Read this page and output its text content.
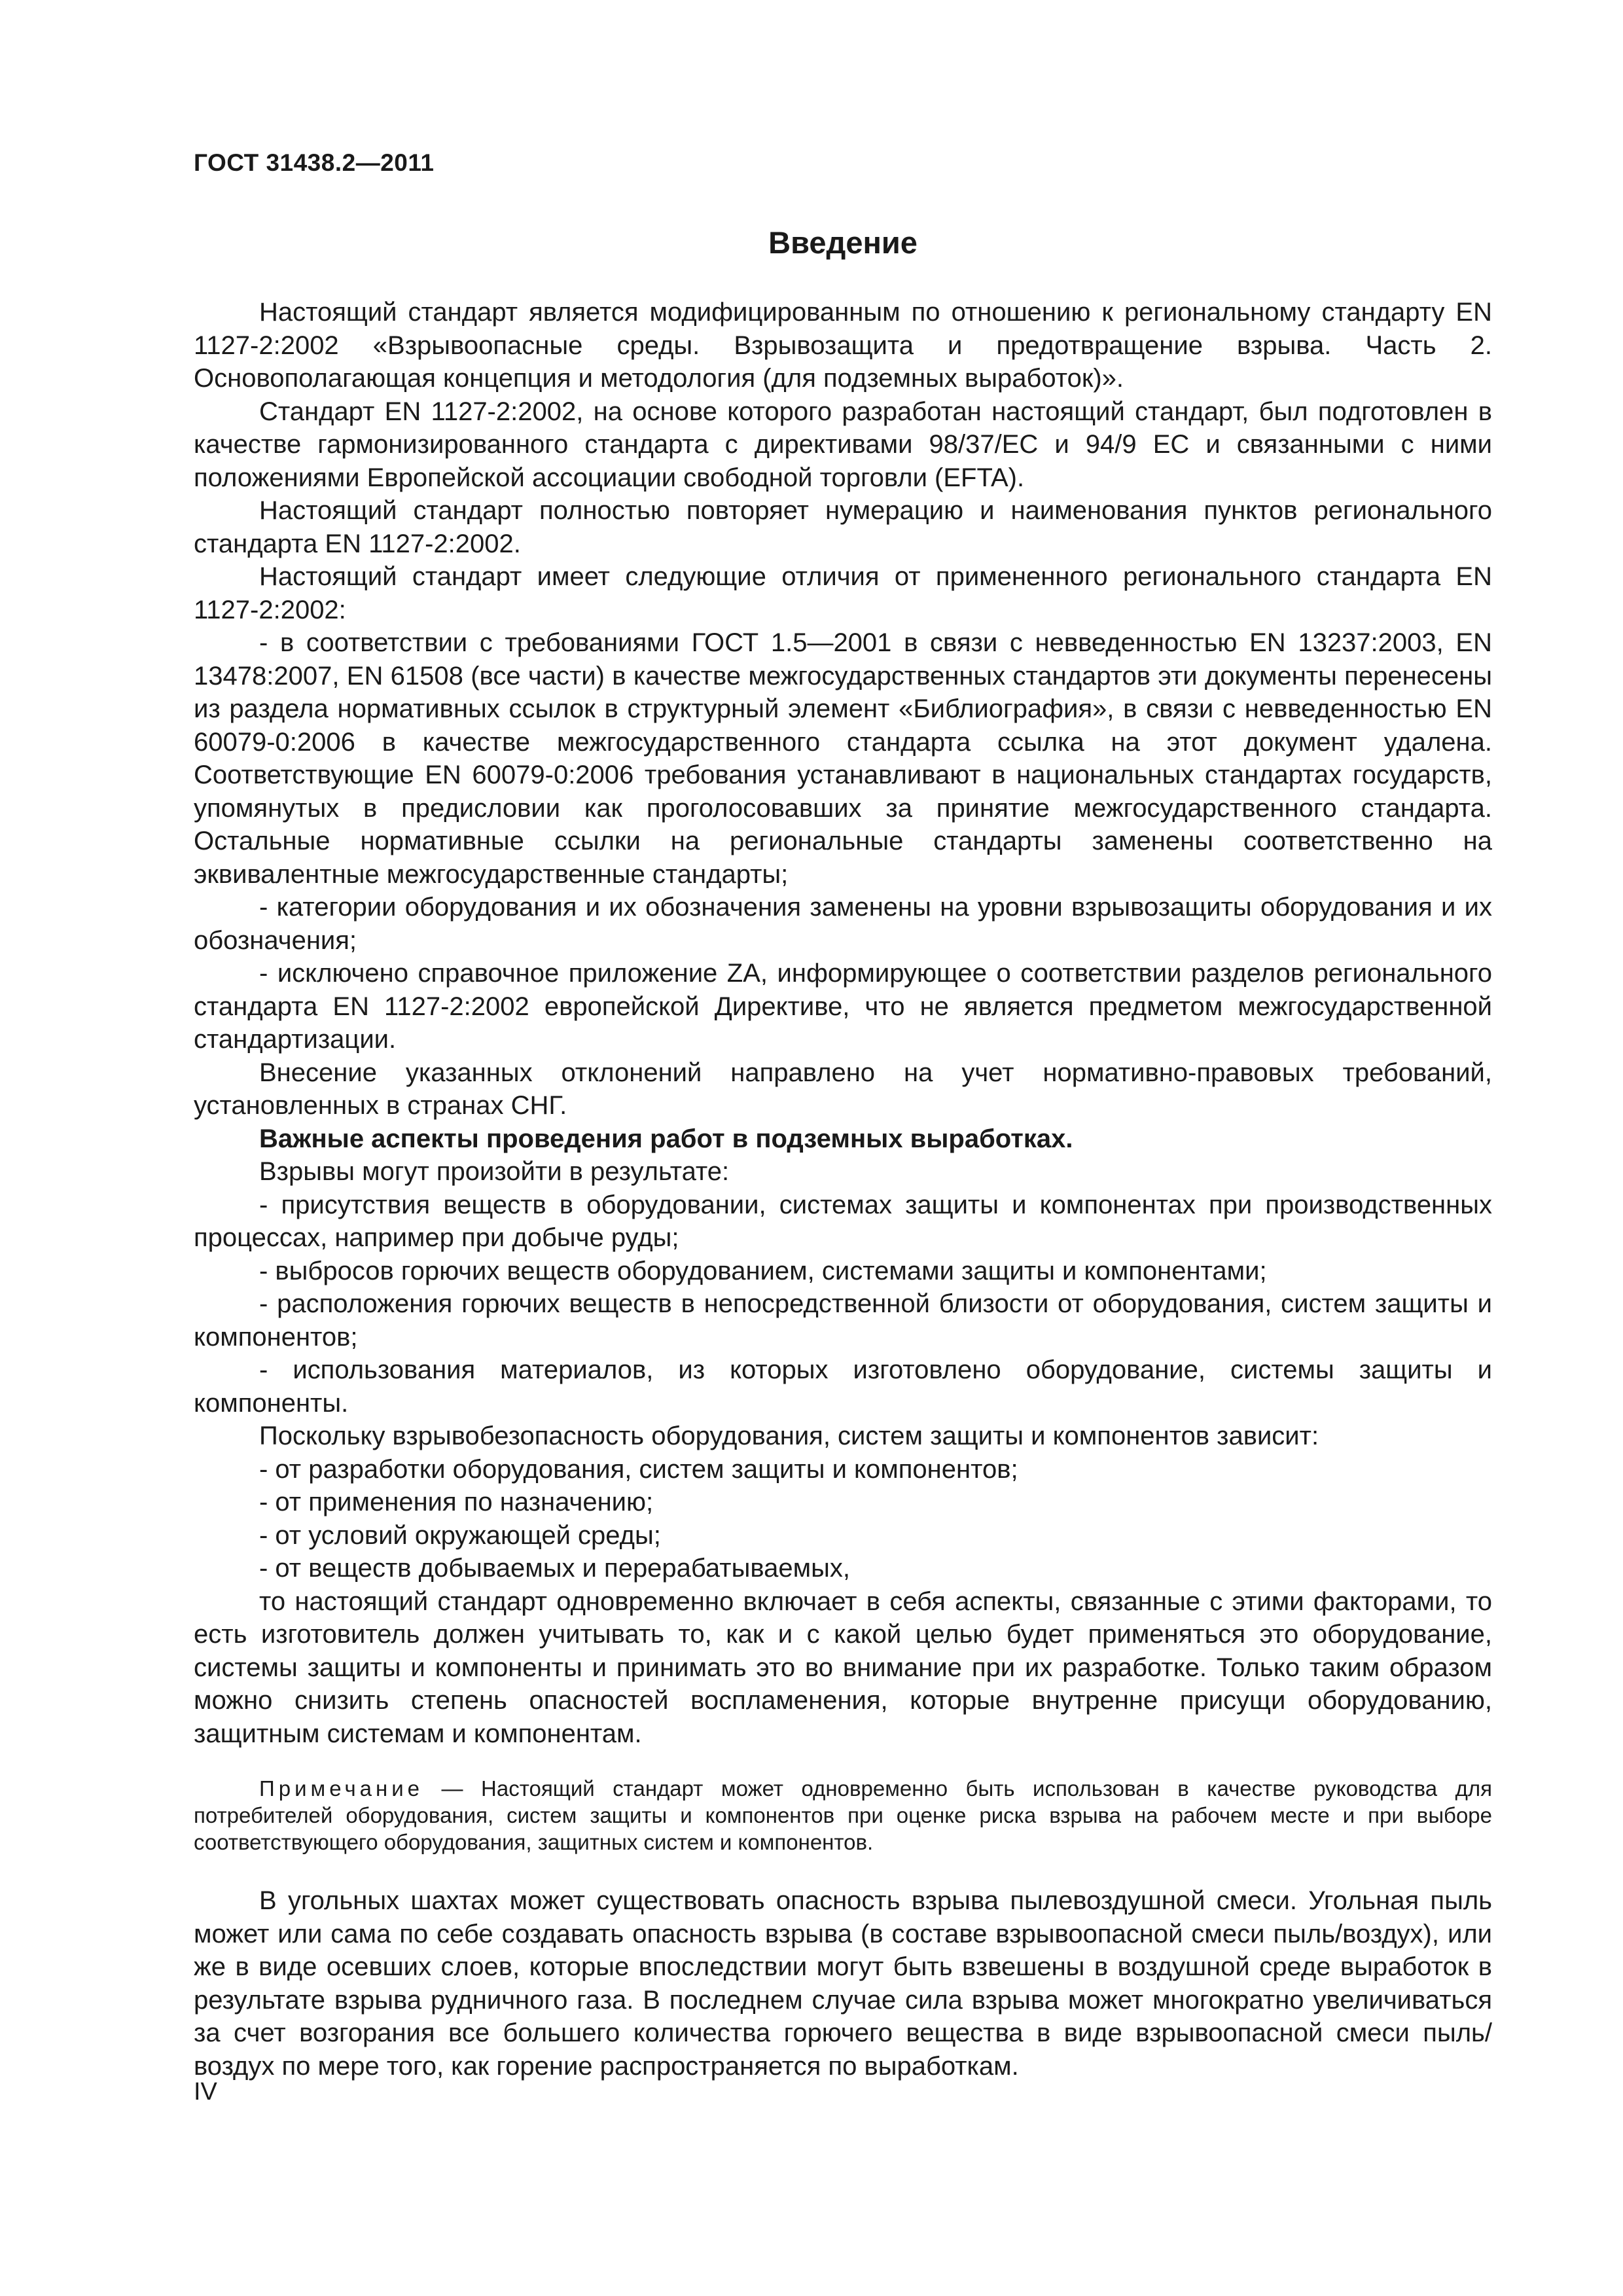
ГОСТ 31438.2—2011
Введение

Настоящий стандарт является модифицированным по отношению к региональному стандарту EN 1127-2:2002 «Взрывоопасные среды. Взрывозащита и предотвращение взрыва. Часть 2. Основополагающая концепция и методология (для подземных выработок)».

Стандарт EN 1127-2:2002, на основе которого разработан настоящий стандарт, был подготовлен в качестве гармонизированного стандарта с директивами 98/37/ЕС и 94/9 ЕС и связанными с ними положениями Европейской ассоциации свободной торговли (EFTA).

Настоящий стандарт полностью повторяет нумерацию и наименования пунктов регионального стандарта EN 1127-2:2002.

Настоящий стандарт имеет следующие отличия от примененного регионального стандарта EN 1127-2:2002:

- в соответствии с требованиями ГОСТ 1.5—2001 в связи с невведенностью EN 13237:2003, EN 13478:2007, EN 61508 (все части) в качестве межгосударственных стандартов эти документы перенесены из раздела нормативных ссылок в структурный элемент «Библиография», в связи с невведенностью EN 60079-0:2006 в качестве межгосударственного стандарта ссылка на этот документ удалена. Соответствующие EN 60079-0:2006 требования устанавливают в национальных стандартах государств, упомянутых в предисловии как проголосовавших за принятие межгосударственного стандарта. Остальные нормативные ссылки на региональные стандарты заменены соответственно на эквивалентные межгосударственные стандарты;

- категории оборудования и их обозначения заменены на уровни взрывозащиты оборудования и их обозначения;

- исключено справочное приложение ZA, информирующее о соответствии разделов регионального стандарта EN 1127-2:2002 европейской Директиве, что не является предметом межгосударственной стандартизации.

Внесение указанных отклонений направлено на учет нормативно-правовых требований, установленных в странах СНГ.

Важные аспекты проведения работ в подземных выработках.

Взрывы могут произойти в результате:

- присутствия веществ в оборудовании, системах защиты и компонентах при производственных процессах, например при добыче руды;

- выбросов горючих веществ оборудованием, системами защиты и компонентами;

- расположения горючих веществ в непосредственной близости от оборудования, систем защиты и компонентов;

- использования материалов, из которых изготовлено оборудование, системы защиты и компоненты.

Поскольку взрывобезопасность оборудования, систем защиты и компонентов зависит:

- от разработки оборудования, систем защиты и компонентов;

- от применения по назначению;

- от условий окружающей среды;

- от веществ добываемых и перерабатываемых,

то настоящий стандарт одновременно включает в себя аспекты, связанные с этими факторами, то есть изготовитель должен учитывать то, как и с какой целью будет применяться это оборудование, системы защиты и компоненты и принимать это во внимание при их разработке. Только таким образом можно снизить степень опасностей воспламенения, которые внутренне присущи оборудованию, защитным системам и компонентам.

Примечание — Настоящий стандарт может одновременно быть использован в качестве руководства для потребителей оборудования, систем защиты и компонентов при оценке риска взрыва на рабочем месте и при выборе соответствующего оборудования, защитных систем и компонентов.

В угольных шахтах может существовать опасность взрыва пылевоздушной смеси. Угольная пыль может или сама по себе создавать опасность взрыва (в составе взрывоопасной смеси пыль/воздух), или же в виде осевших слоев, которые впоследствии могут быть взвешены в воздушной среде выработок в результате взрыва рудничного газа. В последнем случае сила взрыва может многократно увеличиваться за счет возгорания все большего количества горючего вещества в виде взрывоопасной смеси пыль/воздух по мере того, как горение распространяется по выработкам.

IV
